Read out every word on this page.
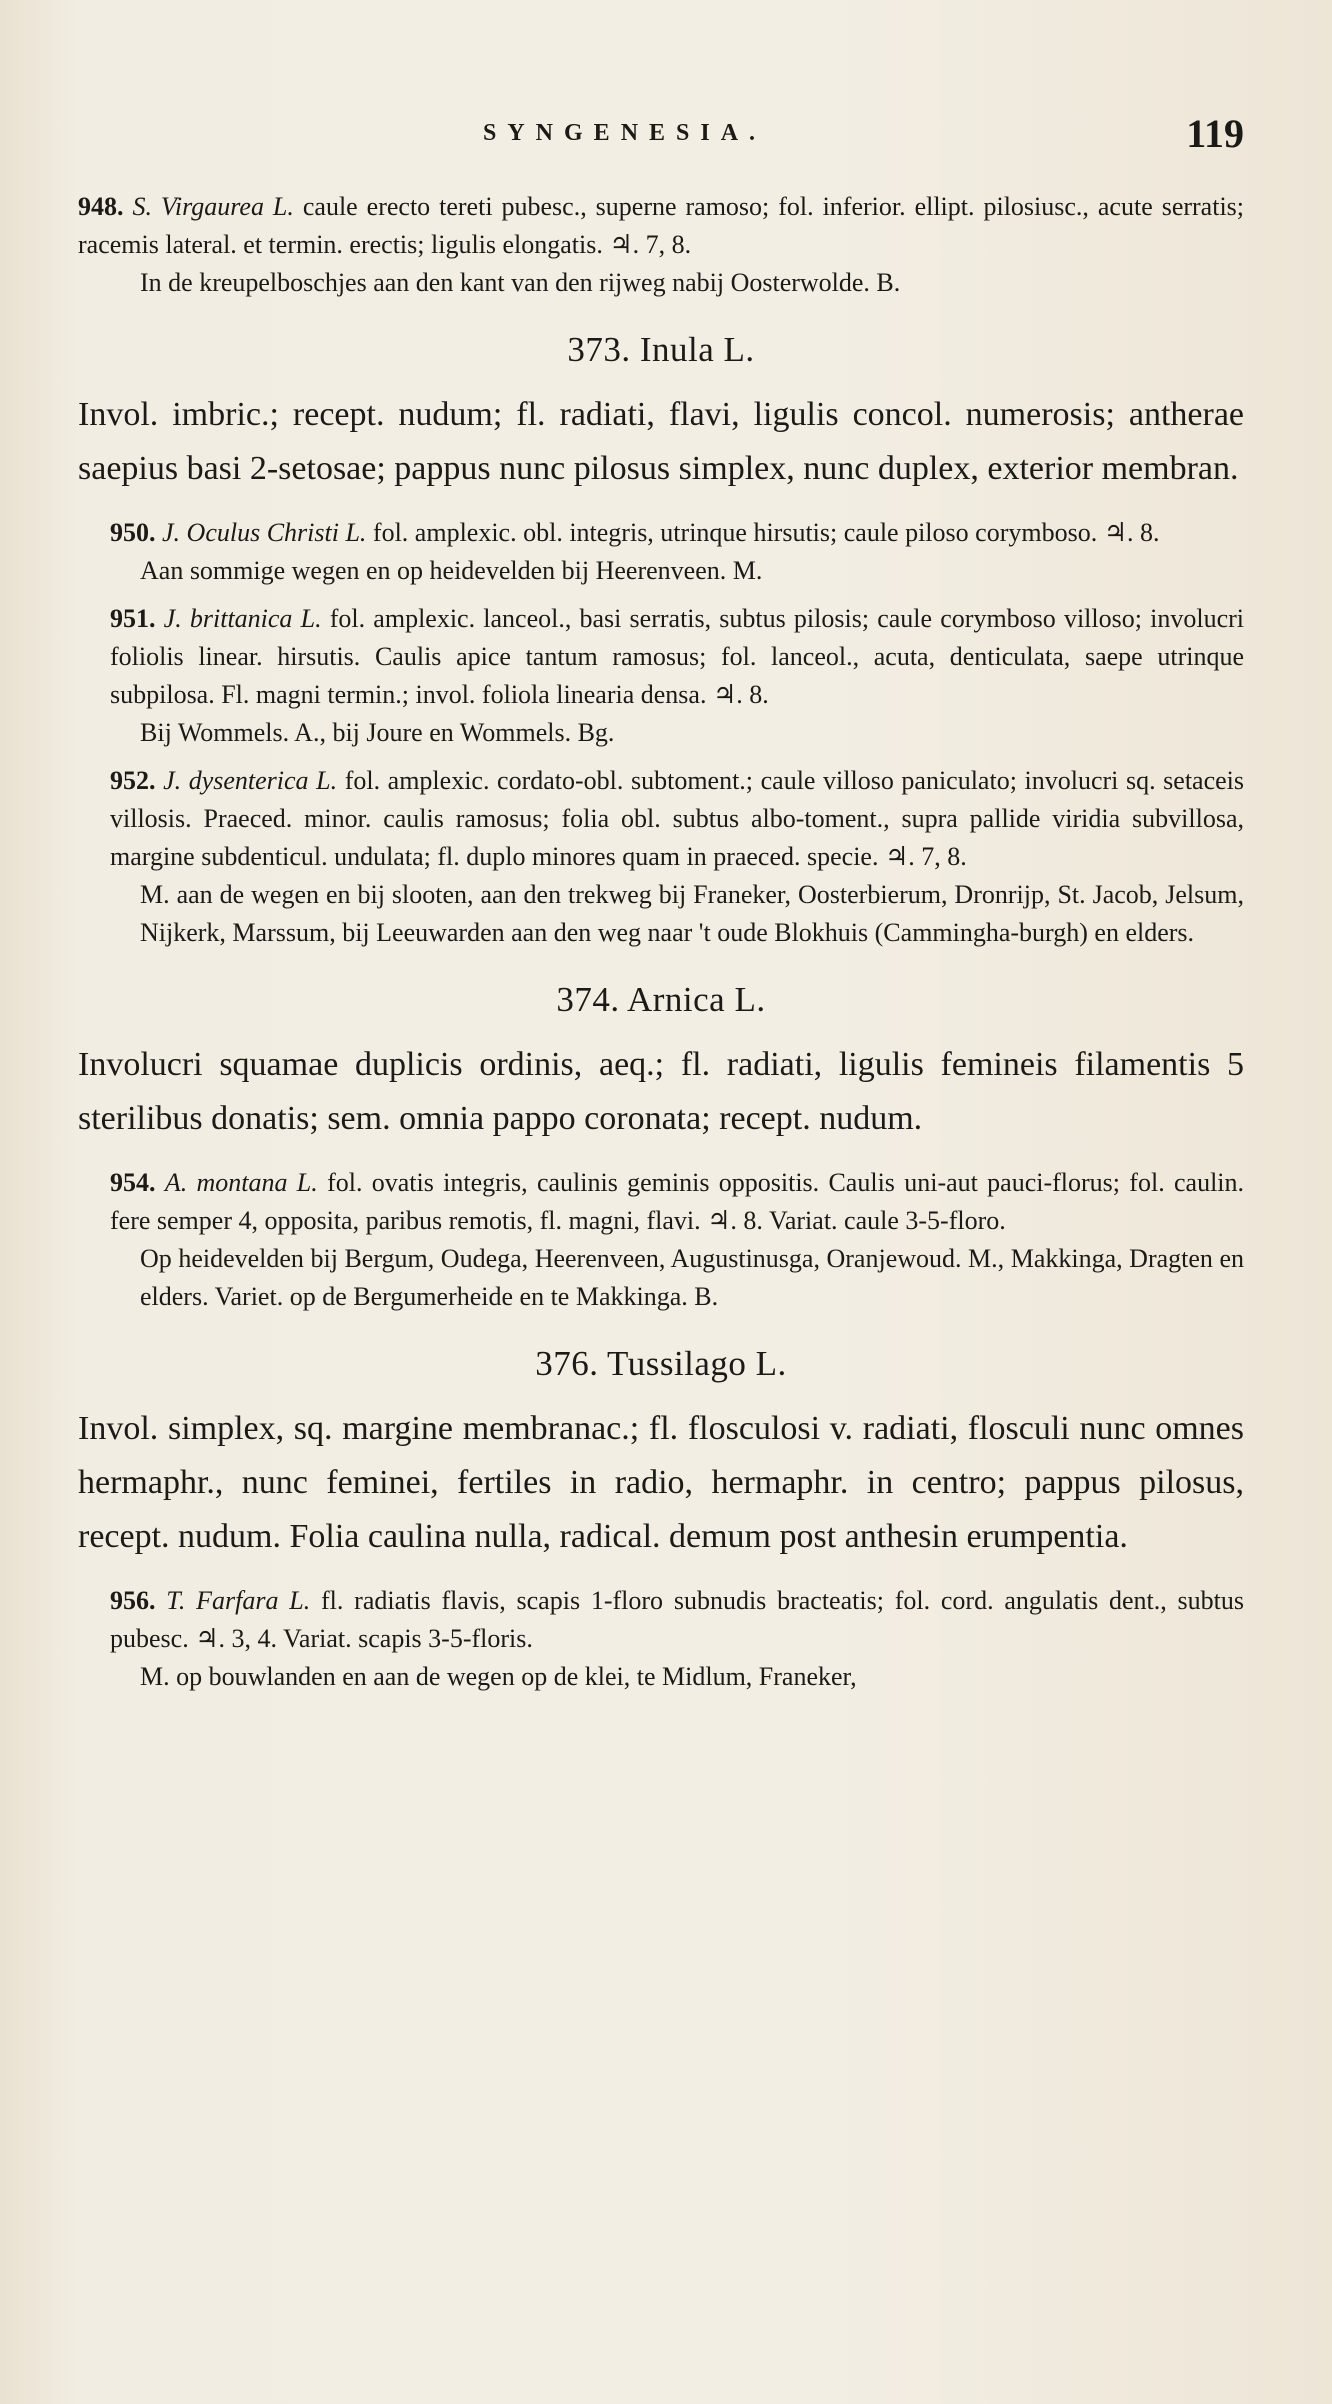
SYNGENESIA.	119

948. S. Virgaurea L. caule erecto tereti pubesc., superne ramoso; fol. inferior. ellipt. pilosiusc., acute serratis; racemis lateral. et termin. erectis; ligulis elongatis. ♃. 7, 8.

In de kreupelboschjes aan den kant van den rijweg nabij Oosterwolde. B.

373. Inula L.

Invol. imbric.; recept. nudum; fl. radiati, flavi, ligulis concol. numerosis; antherae saepius basi 2-setosae; pappus nunc pilosus simplex, nunc duplex, exterior membran.

950. J. Oculus Christi L. fol. amplexic. obl. integris, utrinque hirsutis; caule piloso corymboso. ♃. 8.

Aan sommige wegen en op heidevelden bij Heerenveen. M.

951. J. brittanica L. fol. amplexic. lanceol., basi serratis, subtus pilosis; caule corymboso villoso; involucri foliolis linear. hirsutis. Caulis apice tantum ramosus; fol. lanceol., acuta, denticulata, saepe utrinque subpilosa. Fl. magni termin.; invol. foliola linearia densa. ♃. 8.

Bij Wommels. A., bij Joure en Wommels. Bg.

952. J. dysenterica L. fol. amplexic. cordato-obl. subtoment.; caule villoso paniculato; involucri sq. setaceis villosis. Praeced. minor. caulis ramosus; folia obl. subtus albo-toment., supra pallide viridia subvillosa, margine subdenticul. undulata; fl. duplo minores quam in praeced. specie. ♃. 7, 8.

M. aan de wegen en bij slooten, aan den trekweg bij Franeker, Oosterbierum, Dronrijp, St. Jacob, Jelsum, Nijkerk, Marssum, bij Leeuwarden aan den weg naar 't oude Blokhuis (Cammingha-burgh) en elders.

374. Arnica L.

Involucri squamae duplicis ordinis, aeq.; fl. radiati, ligulis femineis filamentis 5 sterilibus donatis; sem. omnia pappo coronata; recept. nudum.

954. A. montana L. fol. ovatis integris, caulinis geminis oppositis. Caulis uni-aut pauci-florus; fol. caulin. fere semper 4, opposita, paribus remotis, fl. magni, flavi. ♃. 8. Variat. caule 3-5-floro.

Op heidevelden bij Bergum, Oudega, Heerenveen, Augustinusga, Oranjewoud. M., Makkinga, Dragten en elders. Variet. op de Bergumerheide en te Makkinga. B.

376. Tussilago L.

Invol. simplex, sq. margine membranac.; fl. flosculosi v. radiati, flosculi nunc omnes hermaphr., nunc feminei, fertiles in radio, hermaphr. in centro; pappus pilosus, recept. nudum. Folia caulina nulla, radical. demum post anthesin erumpentia.

956. T. Farfara L. fl. radiatis flavis, scapis 1-floro subnudis bracteatis; fol. cord. angulatis dent., subtus pubesc. ♃. 3, 4. Variat. scapis 3-5-floris.

M. op bouwlanden en aan de wegen op de klei, te Midlum, Franeker,
